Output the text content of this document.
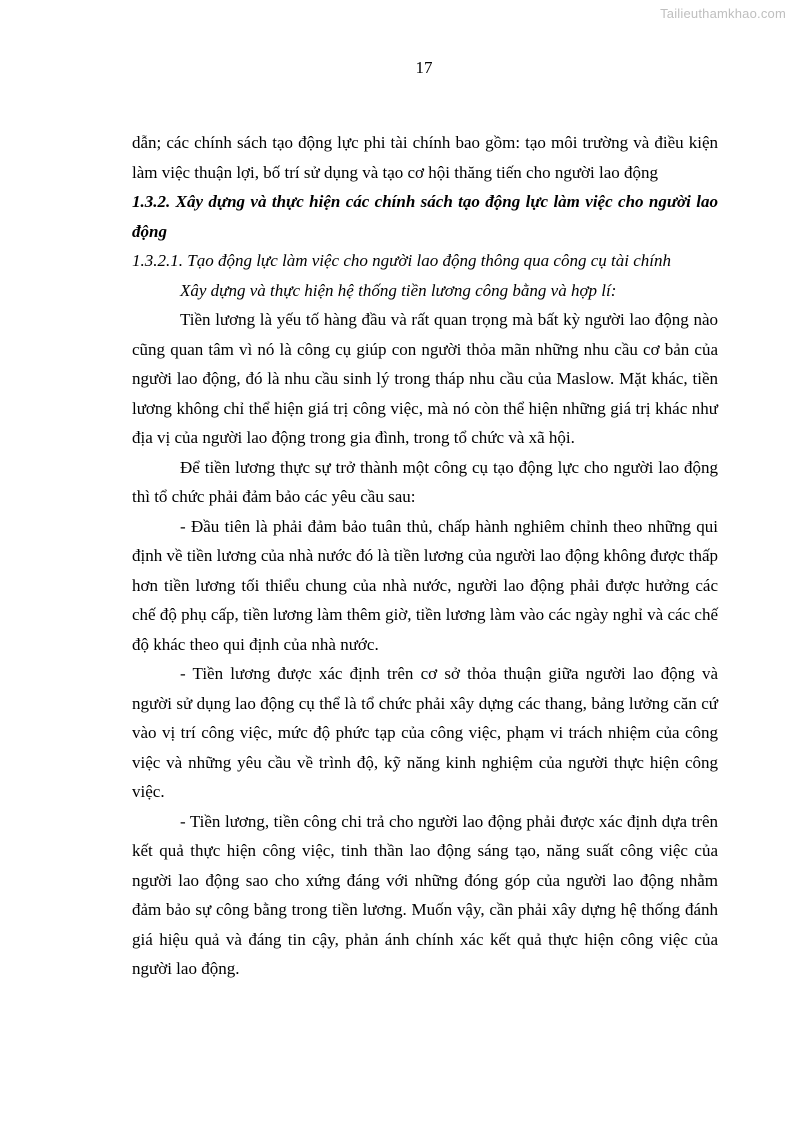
Tailieuthamkhao.com
17

dẫn; các chính sách tạo động lực phi tài chính bao gồm: tạo môi trường và điều kiện làm việc thuận lợi, bố trí sử dụng và tạo cơ hội thăng tiến cho người lao động

1.3.2. Xây dựng và thực hiện các chính sách tạo động lực làm việc cho người lao động

1.3.2.1. Tạo động lực làm việc cho người lao động thông qua công cụ tài chính

Xây dựng và thực hiện hệ thống tiền lương công bằng và hợp lí:

Tiền lương là yếu tố hàng đầu và rất quan trọng mà bất kỳ người lao động nào cũng quan tâm vì nó là công cụ giúp con người thỏa mãn những nhu cầu cơ bản của người lao động, đó là nhu cầu sinh lý trong tháp nhu cầu của Maslow. Mặt khác, tiền lương không chỉ thể hiện giá trị công việc, mà nó còn thể hiện những giá trị khác như địa vị của người lao động trong gia đình, trong tổ chức và xã hội.

Để tiền lương thực sự trở thành một công cụ tạo động lực cho người lao động thì tổ chức phải đảm bảo các yêu cầu sau:

- Đầu tiên là phải đảm bảo tuân thủ, chấp hành nghiêm chỉnh theo những qui định về tiền lương của nhà nước đó là tiền lương của người lao động không được thấp hơn tiền lương tối thiểu chung của nhà nước, người lao động phải được hưởng các chế độ phụ cấp, tiền lương làm thêm giờ, tiền lương làm vào các ngày nghỉ và các chế độ khác theo qui định của nhà nước.

- Tiền lương được xác định trên cơ sở thỏa thuận giữa người lao động và người sử dụng lao động cụ thể là tổ chức phải xây dựng các thang, bảng lưởng căn cứ vào vị trí công việc, mức độ phức tạp của công việc, phạm vi trách nhiệm của công việc và những yêu cầu về trình độ, kỹ năng kinh nghiệm của người thực hiện công việc.

- Tiền lương, tiền công chi trả cho người lao động phải được xác định dựa trên kết quả thực hiện công việc, tinh thần lao động sáng tạo, năng suất công việc của người lao động sao cho xứng đáng với những đóng góp của người lao động nhằm đảm bảo sự công bằng trong tiền lương. Muốn vậy, cần phải xây dựng hệ thống đánh giá hiệu quả và đáng tin cậy, phản ánh chính xác kết quả thực hiện công việc của người lao động.
